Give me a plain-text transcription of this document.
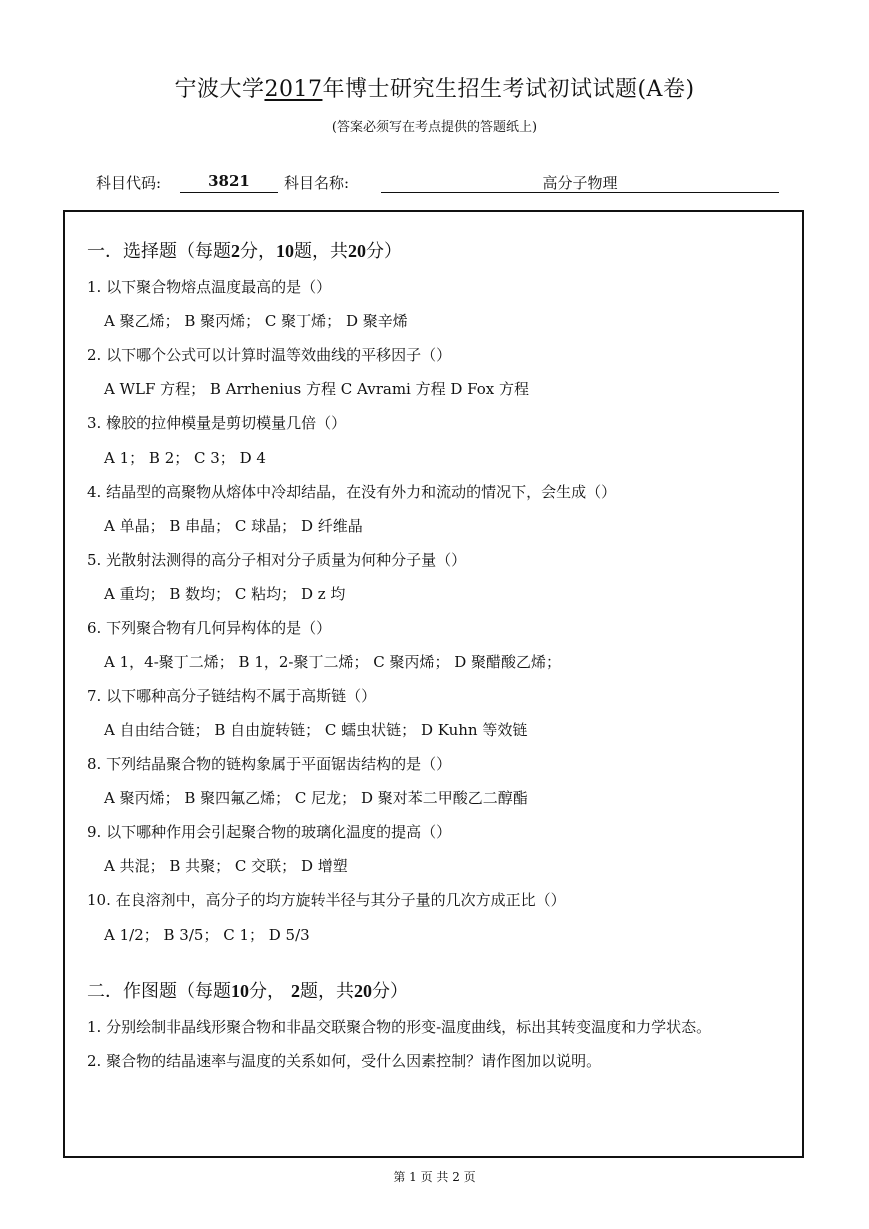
宁波大学2017年博士研究生招生考试初试试题(A卷)
(答案必须写在考点提供的答题纸上)
科目代码:	3821	科目名称:	高分子物理
一．选择题（每题2分，10题，共20分）
1. 以下聚合物熔点温度最高的是（）
A 聚乙烯； B 聚丙烯； C 聚丁烯； D 聚辛烯
2. 以下哪个公式可以计算时温等效曲线的平移因子（）
A WLF 方程； B Arrhenius 方程 C Avrami 方程 D Fox 方程
3. 橡胶的拉伸模量是剪切模量几倍（）
A 1； B 2； C 3； D 4
4. 结晶型的高聚物从熔体中冷却结晶，在没有外力和流动的情况下，会生成（）
A 单晶； B 串晶； C 球晶； D 纤维晶
5. 光散射法测得的高分子相对分子质量为何种分子量（）
A 重均； B 数均； C 粘均； D z 均
6. 下列聚合物有几何异构体的是（）
A 1，4-聚丁二烯； B 1，2-聚丁二烯； C 聚丙烯； D 聚醋酸乙烯；
7. 以下哪种高分子链结构不属于高斯链（）
A 自由结合链； B 自由旋转链； C 蠕虫状链； D Kuhn 等效链
8. 下列结晶聚合物的链构象属于平面锯齿结构的是（）
A 聚丙烯； B 聚四氟乙烯； C 尼龙； D 聚对苯二甲酸乙二醇酯
9. 以下哪种作用会引起聚合物的玻璃化温度的提高（）
A 共混； B 共聚； C 交联； D 增塑
10. 在良溶剂中，高分子的均方旋转半径与其分子量的几次方成正比（）
A 1/2； B 3/5； C 1； D 5/3
二．作图题（每题10分， 2题，共20分）
1. 分别绘制非晶线形聚合物和非晶交联聚合物的形变-温度曲线，标出其转变温度和力学状态。
2. 聚合物的结晶速率与温度的关系如何，受什么因素控制？请作图加以说明。
第 1 页 共 2 页
